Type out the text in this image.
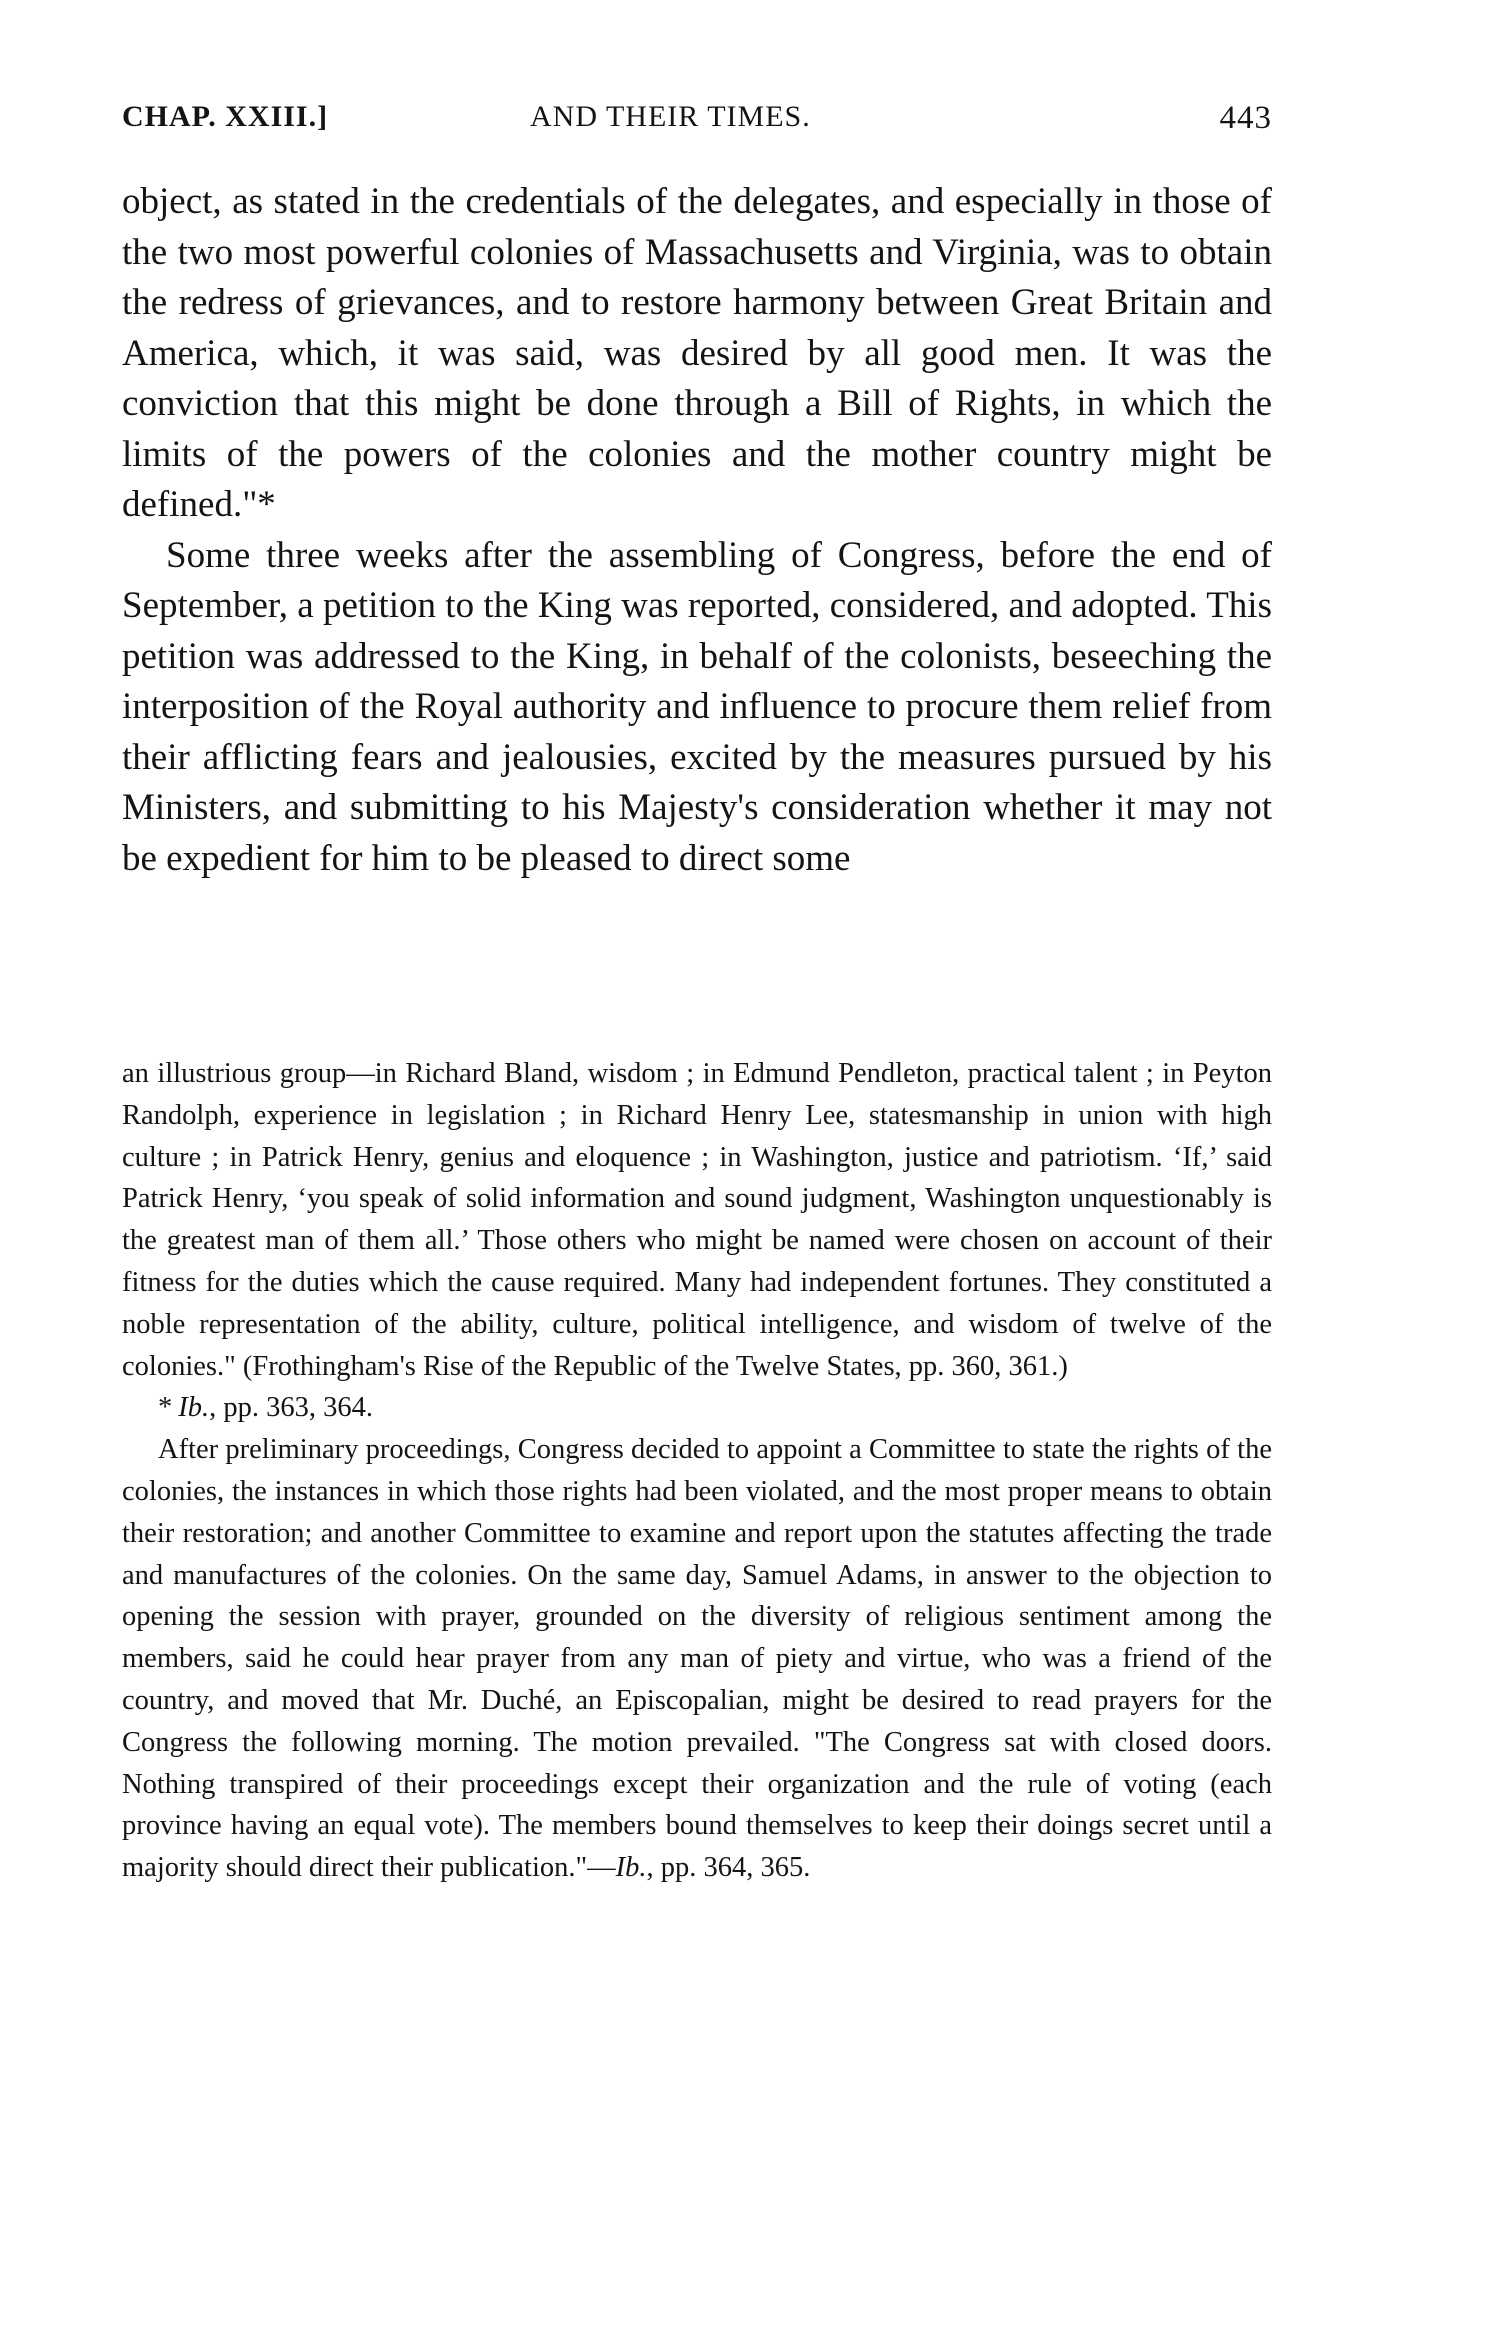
CHAP. XXIII.]	AND THEIR TIMES.	443

object, as stated in the credentials of the delegates, and especially in those of the two most powerful colonies of Massachusetts and Virginia, was to obtain the redress of grievances, and to restore harmony between Great Britain and America, which, it was said, was desired by all good men. It was the conviction that this might be done through a Bill of Rights, in which the limits of the powers of the colonies and the mother country might be defined."*

Some three weeks after the assembling of Congress, before the end of September, a petition to the King was reported, considered, and adopted. This petition was addressed to the King, in behalf of the colonists, beseeching the interposition of the Royal authority and influence to procure them relief from their afflicting fears and jealousies, excited by the measures pursued by his Ministers, and submitting to his Majesty's consideration whether it may not be expedient for him to be pleased to direct some

an illustrious group—in Richard Bland, wisdom ; in Edmund Pendleton, practical talent ; in Peyton Randolph, experience in legislation ; in Richard Henry Lee, statesmanship in union with high culture ; in Patrick Henry, genius and eloquence ; in Washington, justice and patriotism. ‘If,’ said Patrick Henry, ‘you speak of solid information and sound judgment, Washington unquestionably is the greatest man of them all.’ Those others who might be named were chosen on account of their fitness for the duties which the cause required. Many had independent fortunes. They constituted a noble representation of the ability, culture, political intelligence, and wisdom of twelve of the colonies." (Frothingham's Rise of the Republic of the Twelve States, pp. 360, 361.)

* Ib., pp. 363, 364.

After preliminary proceedings, Congress decided to appoint a Committee to state the rights of the colonies, the instances in which those rights had been violated, and the most proper means to obtain their restoration; and another Committee to examine and report upon the statutes affecting the trade and manufactures of the colonies. On the same day, Samuel Adams, in answer to the objection to opening the session with prayer, grounded on the diversity of religious sentiment among the members, said he could hear prayer from any man of piety and virtue, who was a friend of the country, and moved that Mr. Duché, an Episcopalian, might be desired to read prayers for the Congress the following morning. The motion prevailed. "The Congress sat with closed doors. Nothing transpired of their proceedings except their organization and the rule of voting (each province having an equal vote). The members bound themselves to keep their doings secret until a majority should direct their publication."—Ib., pp. 364, 365.
